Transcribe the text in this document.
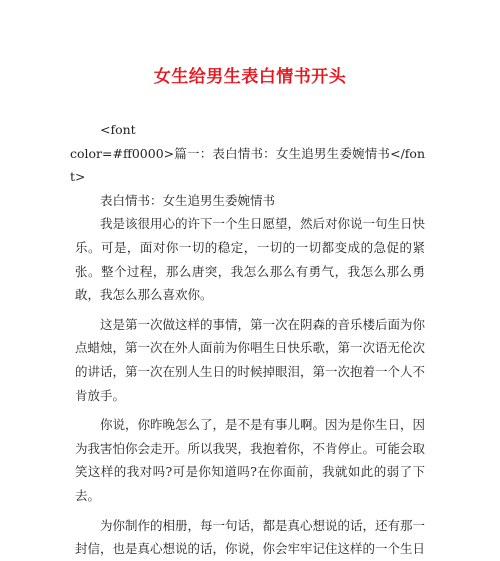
女生给男生表白情书开头

<font

color=#ff0000>篇一：表白情书：女生追男生委婉情书</font>

表白情书：女生追男生委婉情书

我是该很用心的许下一个生日愿望，然后对你说一句生日快乐。可是，面对你一切的稳定，一切的一切都变成的急促的紧张。整个过程，那么唐突，我怎么那么有勇气，我怎么那么勇敢，我怎么那么喜欢你。

这是第一次做这样的事情，第一次在阴森的音乐楼后面为你点蜡烛，第一次在外人面前为你唱生日快乐歌，第一次语无伦次的讲话，第一次在别人生日的时候掉眼泪，第一次抱着一个人不肯放手。

你说，你昨晚怎么了，是不是有事儿啊。因为是你生日，因为我害怕你会走开。所以我哭，我抱着你，不肯停止。可能会取笑这样的我对吗?可是你知道吗?在你面前，我就如此的弱了下去。

为你制作的相册，每一句话，都是真心想说的话，还有那一封信，也是真心想说的话，你说，你会牢牢记住这样的一个生日
